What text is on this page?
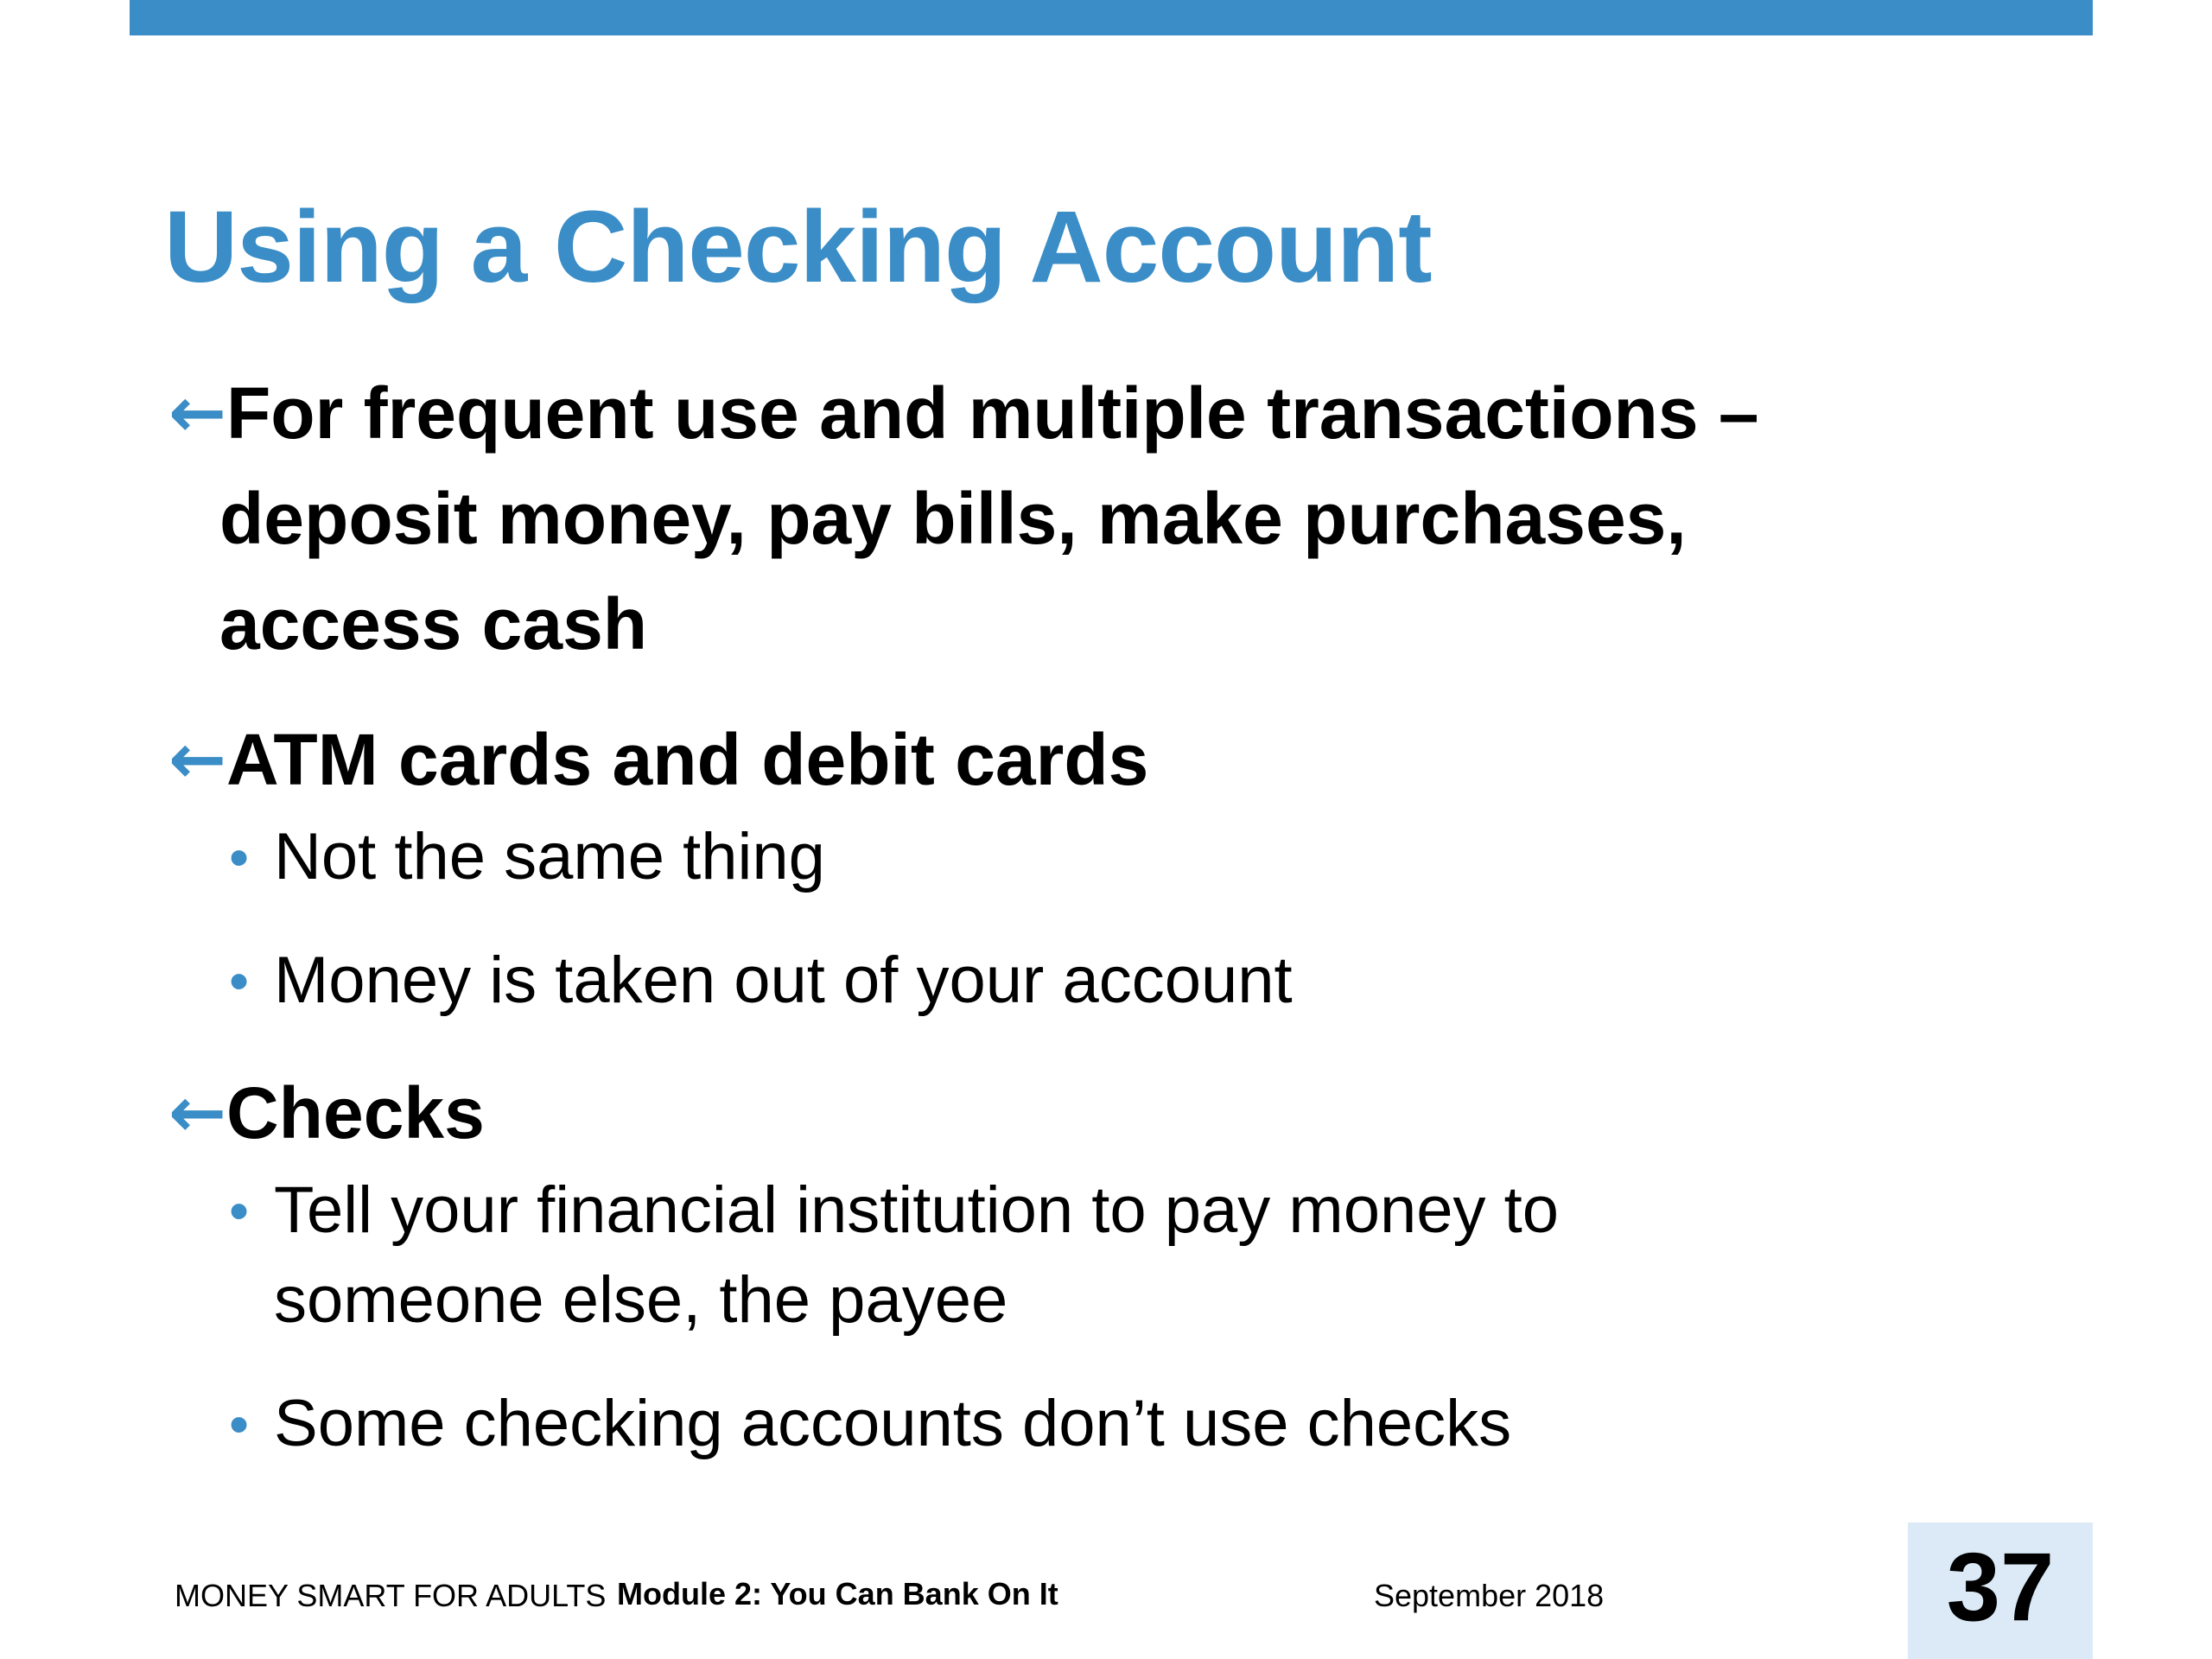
Using a Checking Account
← For frequent use and multiple transactions –
deposit money, pay bills, make purchases,
access cash
← ATM cards and debit cards
• Not the same thing
• Money is taken out of your account
← Checks
• Tell your financial institution to pay money to
someone else, the payee
• Some checking accounts don’t use checks
MONEY SMART FOR ADULTS Module 2: You Can Bank On It	September 2018	37
